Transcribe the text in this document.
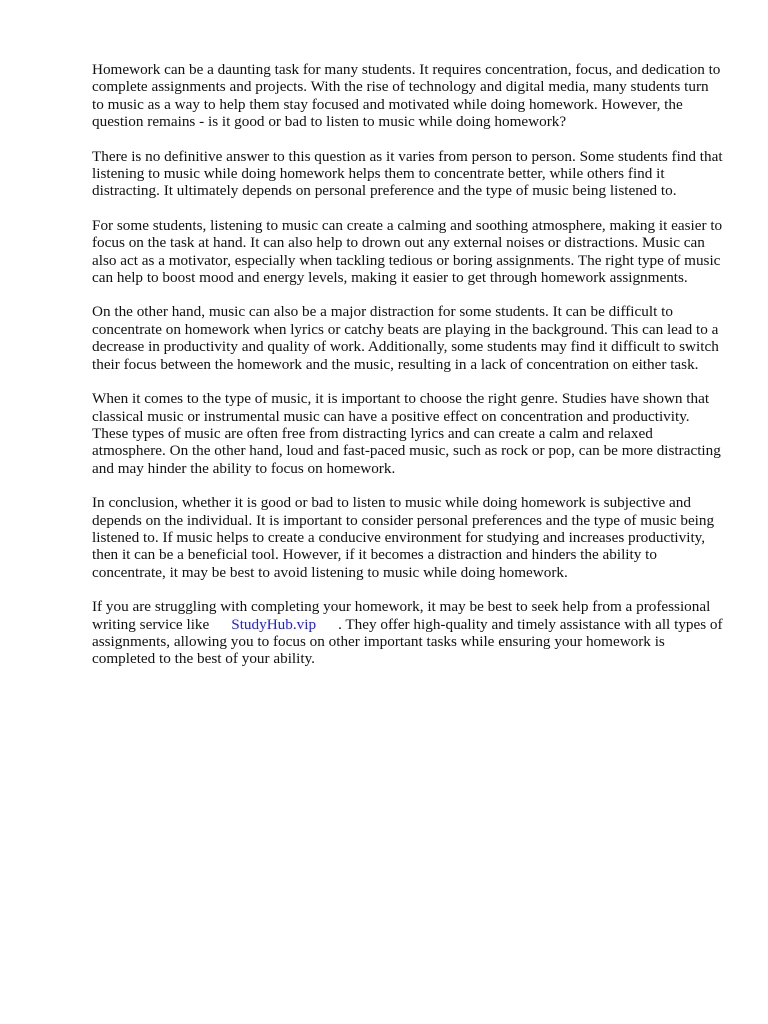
Homework can be a daunting task for many students. It requires concentration, focus, and dedication to complete assignments and projects. With the rise of technology and digital media, many students turn to music as a way to help them stay focused and motivated while doing homework. However, the question remains - is it good or bad to listen to music while doing homework?

There is no definitive answer to this question as it varies from person to person. Some students find that listening to music while doing homework helps them to concentrate better, while others find it distracting. It ultimately depends on personal preference and the type of music being listened to.

For some students, listening to music can create a calming and soothing atmosphere, making it easier to focus on the task at hand. It can also help to drown out any external noises or distractions. Music can also act as a motivator, especially when tackling tedious or boring assignments. The right type of music can help to boost mood and energy levels, making it easier to get through homework assignments.

On the other hand, music can also be a major distraction for some students. It can be difficult to concentrate on homework when lyrics or catchy beats are playing in the background. This can lead to a decrease in productivity and quality of work. Additionally, some students may find it difficult to switch their focus between the homework and the music, resulting in a lack of concentration on either task.

When it comes to the type of music, it is important to choose the right genre. Studies have shown that classical music or instrumental music can have a positive effect on concentration and productivity. These types of music are often free from distracting lyrics and can create a calm and relaxed atmosphere. On the other hand, loud and fast-paced music, such as rock or pop, can be more distracting and may hinder the ability to focus on homework.

In conclusion, whether it is good or bad to listen to music while doing homework is subjective and depends on the individual. It is important to consider personal preferences and the type of music being listened to. If music helps to create a conducive environment for studying and increases productivity, then it can be a beneficial tool. However, if it becomes a distraction and hinders the ability to concentrate, it may be best to avoid listening to music while doing homework.

If you are struggling with completing your homework, it may be best to seek help from a professional writing service like StudyHub.vip . They offer high-quality and timely assistance with all types of assignments, allowing you to focus on other important tasks while ensuring your homework is completed to the best of your ability.
